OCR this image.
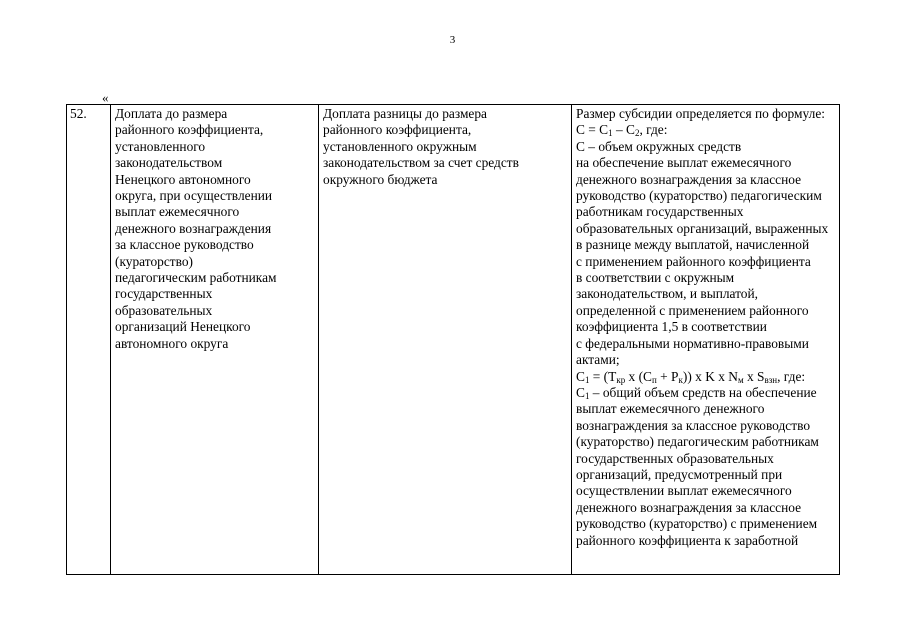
3
«
52.	Доплата до размера
районного коэффициента,
установленного
законодательством
Ненецкого автономного
округа, при осуществлении
выплат ежемесячного
денежного вознаграждения
за классное руководство
(кураторство)
педагогическим работникам
государственных
образовательных
организаций Ненецкого
автономного округа

Доплата разницы до размера
районного коэффициента,
установленного окружным
законодательством за счет средств
окружного бюджета

Размер субсидии определяется по формуле:
$C = C_1 - C_2$, где:
C – объем окружных средств
на обеспечение выплат ежемесячного
денежного вознаграждения за классное
руководство (кураторство) педагогическим
работникам государственных
образовательных организаций, выраженных
в разнице между выплатой, начисленной
с применением районного коэффициента
в соответствии с окружным
законодательством, и выплатой,
определенной с применением районного
коэффициента 1,5 в соответствии
с федеральными нормативно-правовыми
актами;
$C_1 = (T_{кр}$ x $(C_п + P_к)$) x K x $N_м$ x $S_{взн}$, где:
$C_1$ – общий объем средств на обеспечение
выплат ежемесячного денежного
вознаграждения за классное руководство
(кураторство) педагогическим работникам
государственных образовательных
организаций, предусмотренный при
осуществлении выплат ежемесячного
денежного вознаграждения за классное
руководство (кураторство) с применением
районного коэффициента к заработной
